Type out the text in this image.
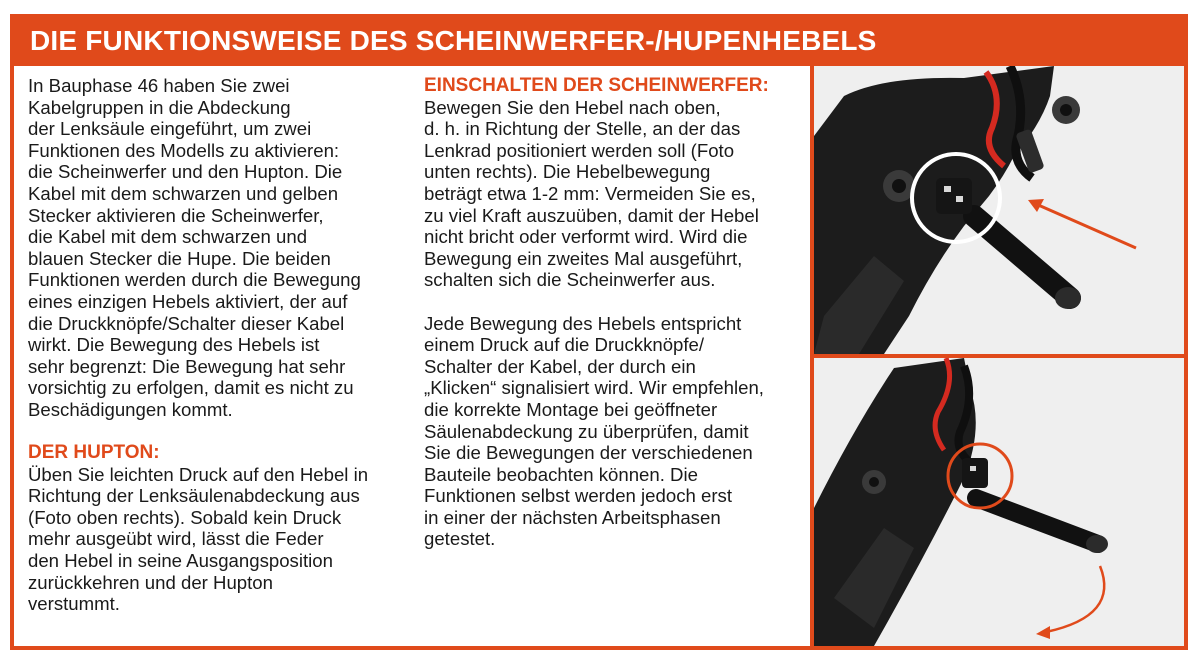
DIE FUNKTIONSWEISE DES SCHEINWERFER-/HUPENHEBELS

In Bauphase 46 haben Sie zwei

Kabelgruppen in die Abdeckung

der Lenksäule eingeführt, um zwei

Funktionen des Modells zu aktivieren:

die Scheinwerfer und den Hupton. Die

Kabel mit dem schwarzen und gelben

Stecker aktivieren die Scheinwerfer,

die Kabel mit dem schwarzen und

blauen Stecker die Hupe. Die beiden

Funktionen werden durch die Bewegung

eines einzigen Hebels aktiviert, der auf

die Druckknöpfe/Schalter dieser Kabel

wirkt. Die Bewegung des Hebels ist

sehr begrenzt: Die Bewegung hat sehr

vorsichtig zu erfolgen, damit es nicht zu

Beschädigungen kommt.

DER HUPTON:

Üben Sie leichten Druck auf den Hebel in

Richtung der Lenksäulenabdeckung aus

(Foto oben rechts). Sobald kein Druck

mehr ausgeübt wird, lässt die Feder

den Hebel in seine Ausgangsposition

zurückkehren und der Hupton

verstummt.

EINSCHALTEN DER SCHEINWERFER:

Bewegen Sie den Hebel nach oben,

d. h. in Richtung der Stelle, an der das

Lenkrad positioniert werden soll (Foto

unten rechts). Die Hebelbewegung

beträgt etwa 1-2 mm: Vermeiden Sie es,

zu viel Kraft auszuüben, damit der Hebel

nicht bricht oder verformt wird. Wird die

Bewegung ein zweites Mal ausgeführt,

schalten sich die Scheinwerfer aus.

Jede Bewegung des Hebels entspricht

einem Druck auf die Druckknöpfe/

Schalter der Kabel, der durch ein

„Klicken“ signalisiert wird. Wir empfehlen,

die korrekte Montage bei geöffneter

Säulenabdeckung zu überprüfen, damit

Sie die Bewegungen der verschiedenen

Bauteile beobachten können. Die

Funktionen selbst werden jedoch erst

in einer der nächsten Arbeitsphasen

getestet.
